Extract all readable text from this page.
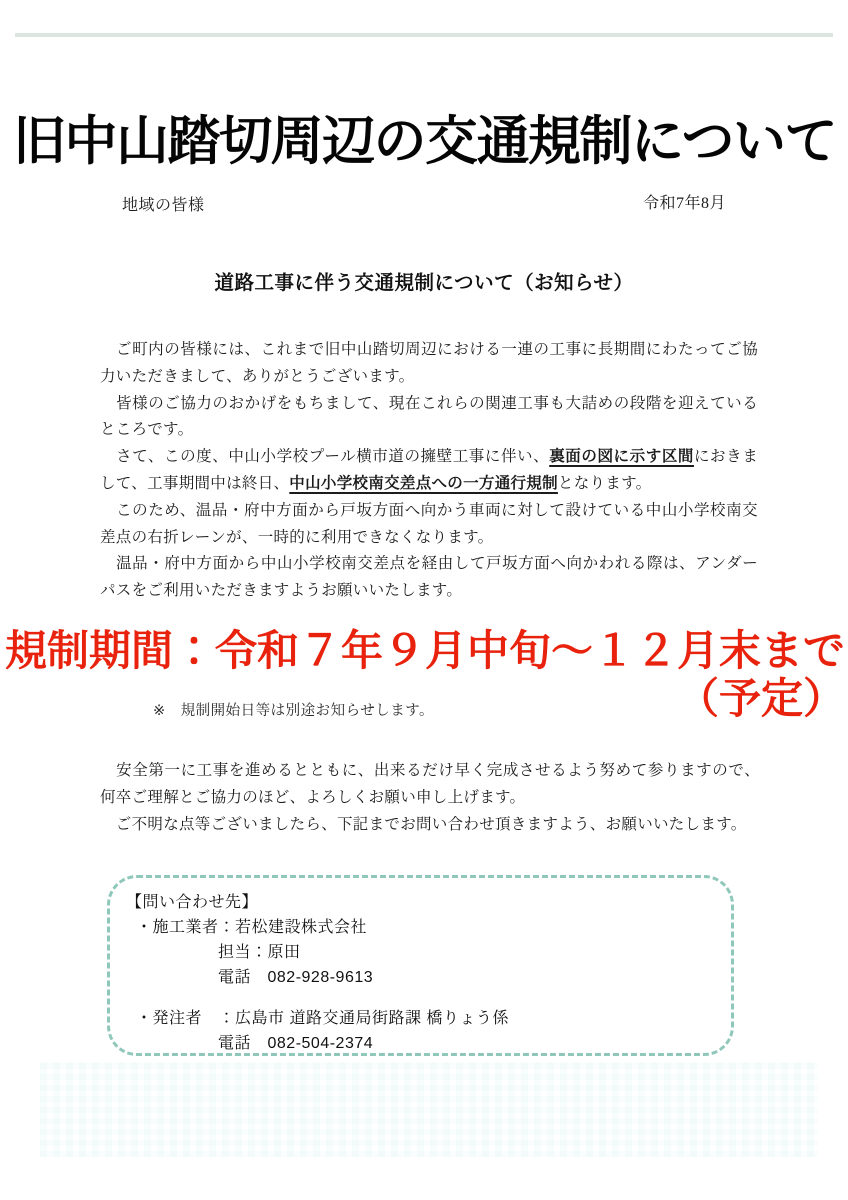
旧中山踏切周辺の交通規制について
地域の皆様	令和7年8月
道路工事に伴う交通規制について（お知らせ）

　ご町内の皆様には、これまで旧中山踏切周辺における一連の工事に長期間にわたってご協力いただきまして、ありがとうございます。

　皆様のご協力のおかげをもちまして、現在これらの関連工事も大詰めの段階を迎えているところです。

　さて、この度、中山小学校プール横市道の擁壁工事に伴い、裏面の図に示す区間におきまして、工事期間中は終日、中山小学校南交差点への一方通行規制となります。

　このため、温品・府中方面から戸坂方面へ向かう車両に対して設けている中山小学校南交差点の右折レーンが、一時的に利用できなくなります。

　温品・府中方面から中山小学校南交差点を経由して戸坂方面へ向かわれる際は、アンダーパスをご利用いただきますようお願いいたします。

規制期間：令和７年９月中旬～１２月末まで
（予定）
※　規制開始日等は別途お知らせします。

　安全第一に工事を進めるとともに、出来るだけ早く完成させるよう努めて参りますので、何卒ご理解とご協力のほど、よろしくお願い申し上げます。

　ご不明な点等ございましたら、下記までお問い合わせ頂きますよう、お願いいたします。

【問い合わせ先】
・施工業者：若松建設株式会社
担当：原田
電話　082-928-9613
・発注者　：広島市 道路交通局街路課 橋りょう係
電話　082-504-2374
